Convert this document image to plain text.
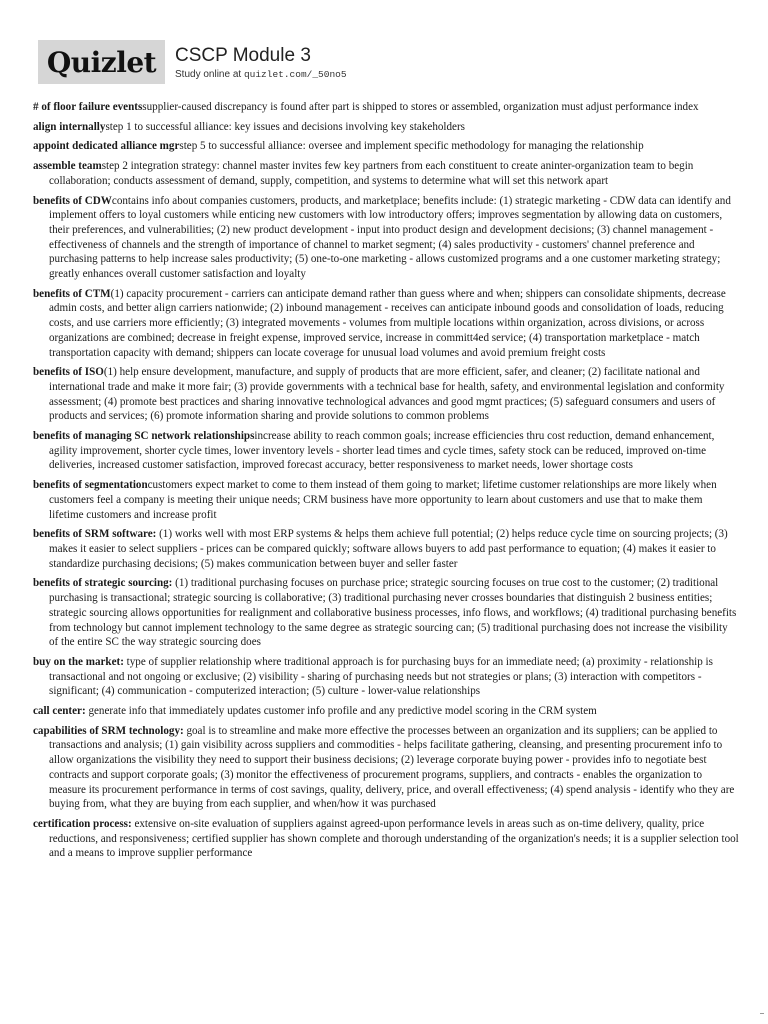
Quizlet CSCP Module 3
Study online at quizlet.com/_50no5

# of floor failure eventssupplier-caused discrepancy is found after part is shipped to stores or assembled, organization must adjust performance index

align internallystep 1 to successful alliance: key issues and decisions involving key stakeholders

appoint dedicated alliance mgrstep 5 to successful alliance: oversee and implement specific methodology for managing the relationship

assemble teamstep 2 integration strategy: channel master invites few key partners from each constituent to create aninter-organization team to begin collaboration; conducts assessment of demand, supply, competition, and systems to determine what will set this network apart

benefits of CDWcontains info about companies customers, products, and marketplace; benefits include: (1) strategic marketing - CDW data can identify and implement offers to loyal customers while enticing new customers with low introductory offers; improves segmentation by allowing data on customers, their preferences, and vulnerabilities; (2) new product development - input into product design and development decisions; (3) channel management - effectiveness of channels and the strength of importance of channel to market segment; (4) sales productivity - customers' channel preference and purchasing patterns to help increase sales productivity; (5) one-to-one marketing - allows customized programs and a one customer marketing strategy; greatly enhances overall customer satisfaction and loyalty

benefits of CTM(1) capacity procurement - carriers can anticipate demand rather than guess where and when; shippers can consolidate shipments, decrease admin costs, and better align carriers nationwide; (2) inbound management - receives can anticipate inbound goods and consolidation of loads, reducing costs, and use carriers more efficiently; (3) integrated movements - volumes from multiple locations within organization, across divisions, or across organizations are combined; decrease in freight expense, improved service, increase in committ4ed service; (4) transportation marketplace - match transportation capacity with demand; shippers can locate coverage for unusual load volumes and avoid premium freight costs

benefits of ISO(1) help ensure development, manufacture, and supply of products that are more efficient, safer, and cleaner; (2) facilitate national and international trade and make it more fair; (3) provide governments with a technical base for health, safety, and environmental legislation and conformity assessment; (4) promote best practices and sharing innovative technological advances and good mgmt practices; (5) safeguard consumers and users of products and services; (6) promote information sharing and provide solutions to common problems

benefits of managing SC network relationshipsincrease ability to reach common goals; increase efficiencies thru cost reduction, demand enhancement, agility improvement, shorter cycle times, lower inventory levels - shorter lead times and cycle times, safety stock can be reduced, improved on-time deliveries, increased customer satisfaction, improved forecast accuracy, better responsiveness to market needs, lower shortage costs

benefits of segmentationcustomers expect market to come to them instead of them going to market; lifetime customer relationships are more likely when customers feel a company is meeting their unique needs; CRM business have more opportunity to learn about customers and use that to make them lifetime customers and increase profit

benefits of SRM software: (1) works well with most ERP systems & helps them achieve full potential; (2) helps reduce cycle time on sourcing projects; (3) makes it easier to select suppliers - prices can be compared quickly; software allows buyers to add past performance to equation; (4) makes it easier to standardize purchasing decisions; (5) makes communication between buyer and seller faster

benefits of strategic sourcing: (1) traditional purchasing focuses on purchase price; strategic sourcing focuses on true cost to the customer; (2) traditional purchasing is transactional; strategic sourcing is collaborative; (3) traditional purchasing never crosses boundaries that distinguish 2 business entities; strategic sourcing allows opportunities for realignment and collaborative business processes, info flows, and workflows; (4) traditional purchasing benefits from technology but cannot implement technology to the same degree as strategic sourcing can; (5) traditional purchasing does not increase the visibility of the entire SC the way strategic sourcing does

buy on the market: type of supplier relationship where traditional approach is for purchasing buys for an immediate need; (a) proximity - relationship is transactional and not ongoing or exclusive; (2) visibility - sharing of purchasing needs but not strategies or plans; (3) interaction with competitors - significant; (4) communication - computerized interaction; (5) culture - lower-value relationships

call center: generate info that immediately updates customer info profile and any predictive model scoring in the CRM system

capabilities of SRM technology: goal is to streamline and make more effective the processes between an organization and its suppliers; can be applied to transactions and analysis; (1) gain visibility across suppliers and commodities - helps facilitate gathering, cleansing, and presenting procurement info to allow organizations the visibility they need to support their business decisions; (2) leverage corporate buying power - provides info to negotiate best contracts and support corporate goals; (3) monitor the effectiveness of procurement programs, suppliers, and contracts - enables the organization to measure its procurement performance in terms of cost savings, quality, delivery, price, and overall effectiveness; (4) spend analysis - identify who they are buying from, what they are buying from each supplier, and when/how it was purchased

certification process: extensive on-site evaluation of suppliers against agreed-upon performance levels in areas such as on-time delivery, quality, price reductions, and responsiveness; certified supplier has shown complete and thorough understanding of the organization's needs; it is a supplier selection tool and a means to improve supplier performance
